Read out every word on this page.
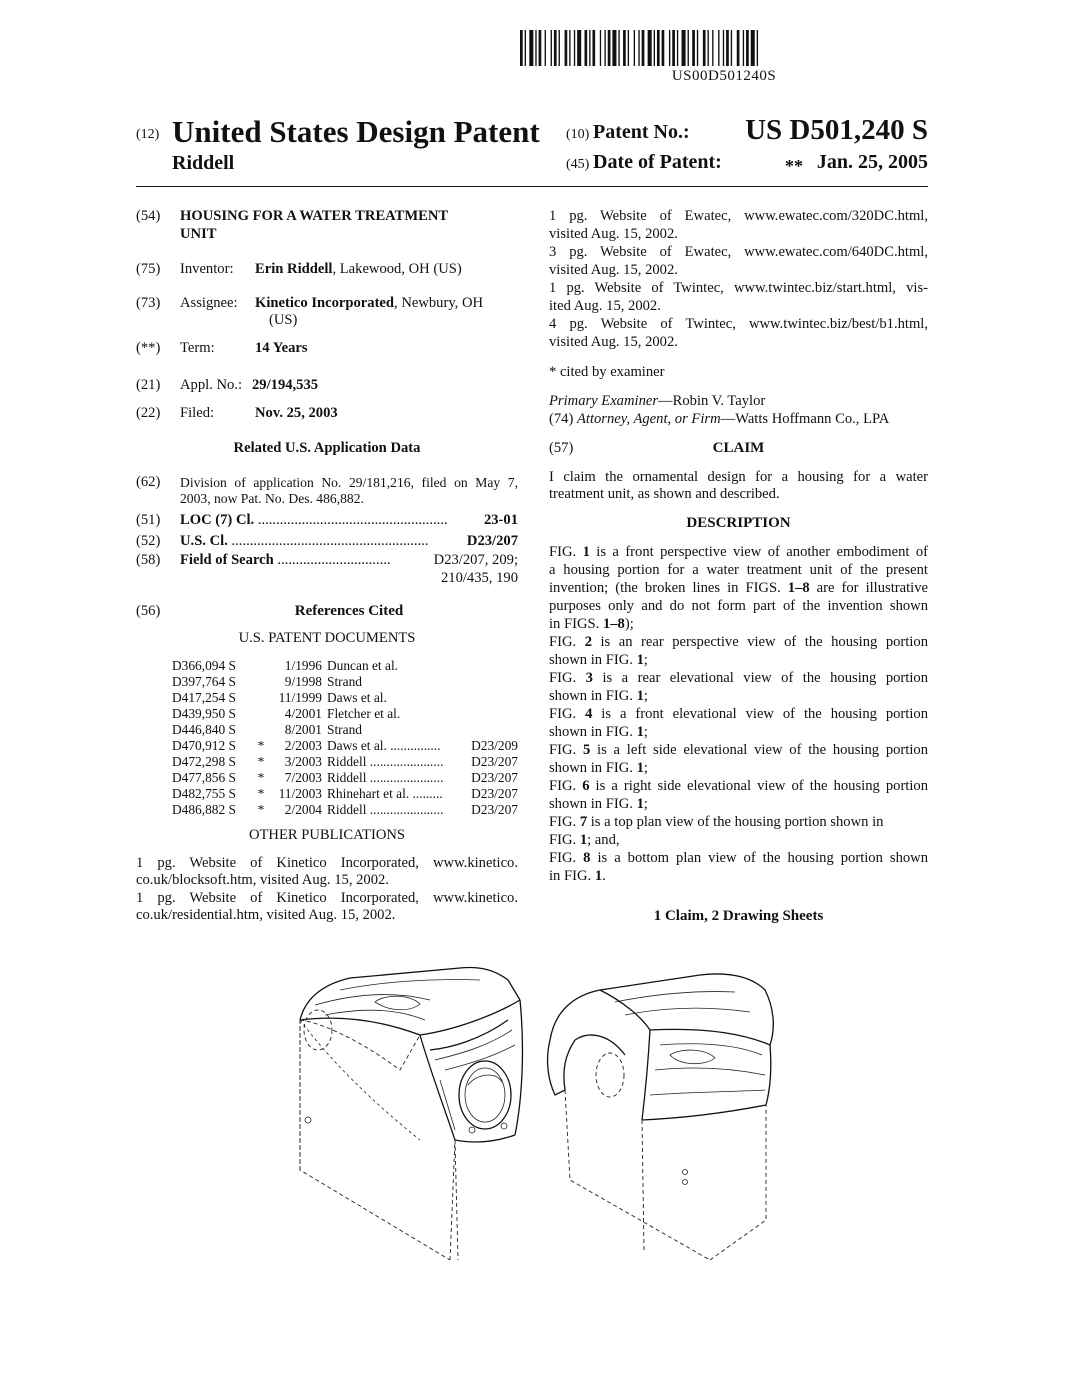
US00D501240S
(12) United States Design Patent
Riddell
(10) Patent No.: US D501,240 S
(45) Date of Patent:	** Jan. 25, 2005
(54) HOUSING FOR A WATER TREATMENT
UNIT
(75) Inventor: Erin Riddell, Lakewood, OH (US)
(73) Assignee: Kinetico Incorporated, Newbury, OH
(US)
(**) Term:	14 Years
(21) Appl. No.: 29/194,535
(22) Filed:	Nov. 25, 2003
Related U.S. Application Data
(62) Division of application No. 29/181,216, filed on May 7,
2003, now Pat. No. Des. 486,882.
(51) LOC (7) Cl. ....................................................	23-01
(52) U.S. Cl. ......................................................	D23/207
(58) Field of Search ...............................	D23/207, 209;
210/435, 190
(56)	References Cited
U.S. PATENT DOCUMENTS
D366,094 S	1/1996 Duncan et al.
D397,764 S	9/1998 Strand
D417,254 S	11/1999 Daws et al.
D439,950 S	4/2001 Fletcher et al.
D446,840 S	8/2001 Strand
D470,912 S *	2/2003 Daws et al. ............... D23/209
D472,298 S *	3/2003 Riddell ...................... D23/207
D477,856 S *	7/2003 Riddell ...................... D23/207
D482,755 S *	11/2003 Rhinehart et al. ......... D23/207
D486,882 S *	2/2004 Riddell ...................... D23/207
OTHER PUBLICATIONS
1 pg. Website of Kinetico Incorporated, www.kinetico.
co.uk/blocksoft.htm, visited Aug. 15, 2002.
1 pg. Website of Kinetico Incorporated, www.kinetico.
co.uk/residential.htm, visited Aug. 15, 2002.
1 pg. Website of Ewatec, www.ewatec.com/320DC.html,
visited Aug. 15, 2002.
3 pg. Website of Ewatec, www.ewatec.com/640DC.html,
visited Aug. 15, 2002.
1 pg. Website of Twintec, www.twintec.biz/start.html, vis-
ited Aug. 15, 2002.
4 pg. Website of Twintec, www.twintec.biz/best/b1.html,
visited Aug. 15, 2002.
* cited by examiner
Primary Examiner—Robin V. Taylor
(74) Attorney, Agent, or Firm—Watts Hoffmann Co., LPA
(57)	CLAIM
I claim the ornamental design for a housing for a water
treatment unit, as shown and described.
DESCRIPTION
FIG. 1 is a front perspective view of another embodiment of
a housing portion for a water treatment unit of the present
invention; (the broken lines in FIGS. 1–8 are for illustrative
purposes only and do not form part of the invention shown
in FIGS. 1–8);
FIG. 2 is an rear perspective view of the housing portion
shown in FIG. 1;
FIG. 3 is a rear elevational view of the housing portion
shown in FIG. 1;
FIG. 4 is a front elevational view of the housing portion
shown in FIG. 1;
FIG. 5 is a left side elevational view of the housing portion
shown in FIG. 1;
FIG. 6 is a right side elevational view of the housing portion
shown in FIG. 1;
FIG. 7 is a top plan view of the housing portion shown in
FIG. 1; and,
FIG. 8 is a bottom plan view of the housing portion shown
in FIG. 1.
1 Claim, 2 Drawing Sheets
